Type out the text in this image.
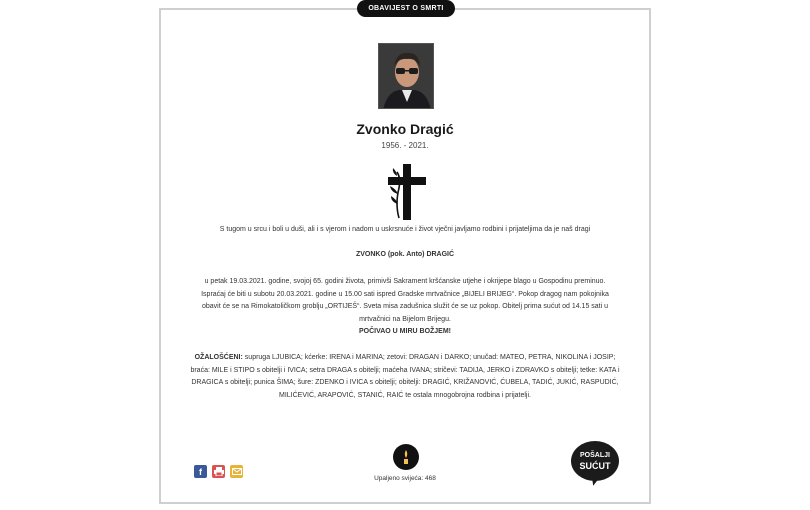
OBAVIJEST O SMRTI
Zvonko Dragić
1956. - 2021.
S tugom u srcu i boli u duši, ali i s vjerom i nadom u uskrsnuće i život vječni javljamo rodbini i prijateljima da je naš dragi
ZVONKO (pok. Anto) DRAGIĆ
u petak 19.03.2021. godine, svojoj 65. godini života, primivši Sakrament kršćanske utjehe i okrijepe blago u Gospodinu preminuo. Ispraćaj će biti u subotu 20.03.2021. godine u 15.00 sati ispred Gradske mrtvačnice „BIJELI BRIJEG“. Pokop dragog nam pokojnika obavit će se na Rimokatoličkom groblju „ORTIJEŠ“. Sveta misa zadušnica služit će se uz pokop. Obitelj prima sućut od 14.15 sati u mrtvačnici na Bijelom Brijegu.
POČIVAO U MIRU BOŽJEM!
OŽALOŠĆENI: supruga LJUBICA; kćerke: IRENA i MARINA; zetovi: DRAGAN i DARKO; unučad: MATEO, PETRA, NIKOLINA i JOSIP; braća: MILE i STIPO s obitelji i IVICA; setra DRAGA s obitelji; maćeha IVANA; stričevi: TADIJA, JERKO i ZDRAVKO s obitelji; tetke: KATA i DRAGICA s obitelji; punica ŠIMA; šure: ZDENKO i IVICA s obitelji; obitelji: DRAGIĆ, KRIŽANOVIĆ, ĆUBELA, TADIĆ, JUKIĆ, RASPUDIĆ, MILIĆEVIĆ, ARAPOVIĆ, STANIĆ, RAIĆ te ostala mnogobrojna rodbina i prijatelji.
f
Upaljeno svijeća: 468
POŠALJI
SUĆUT
